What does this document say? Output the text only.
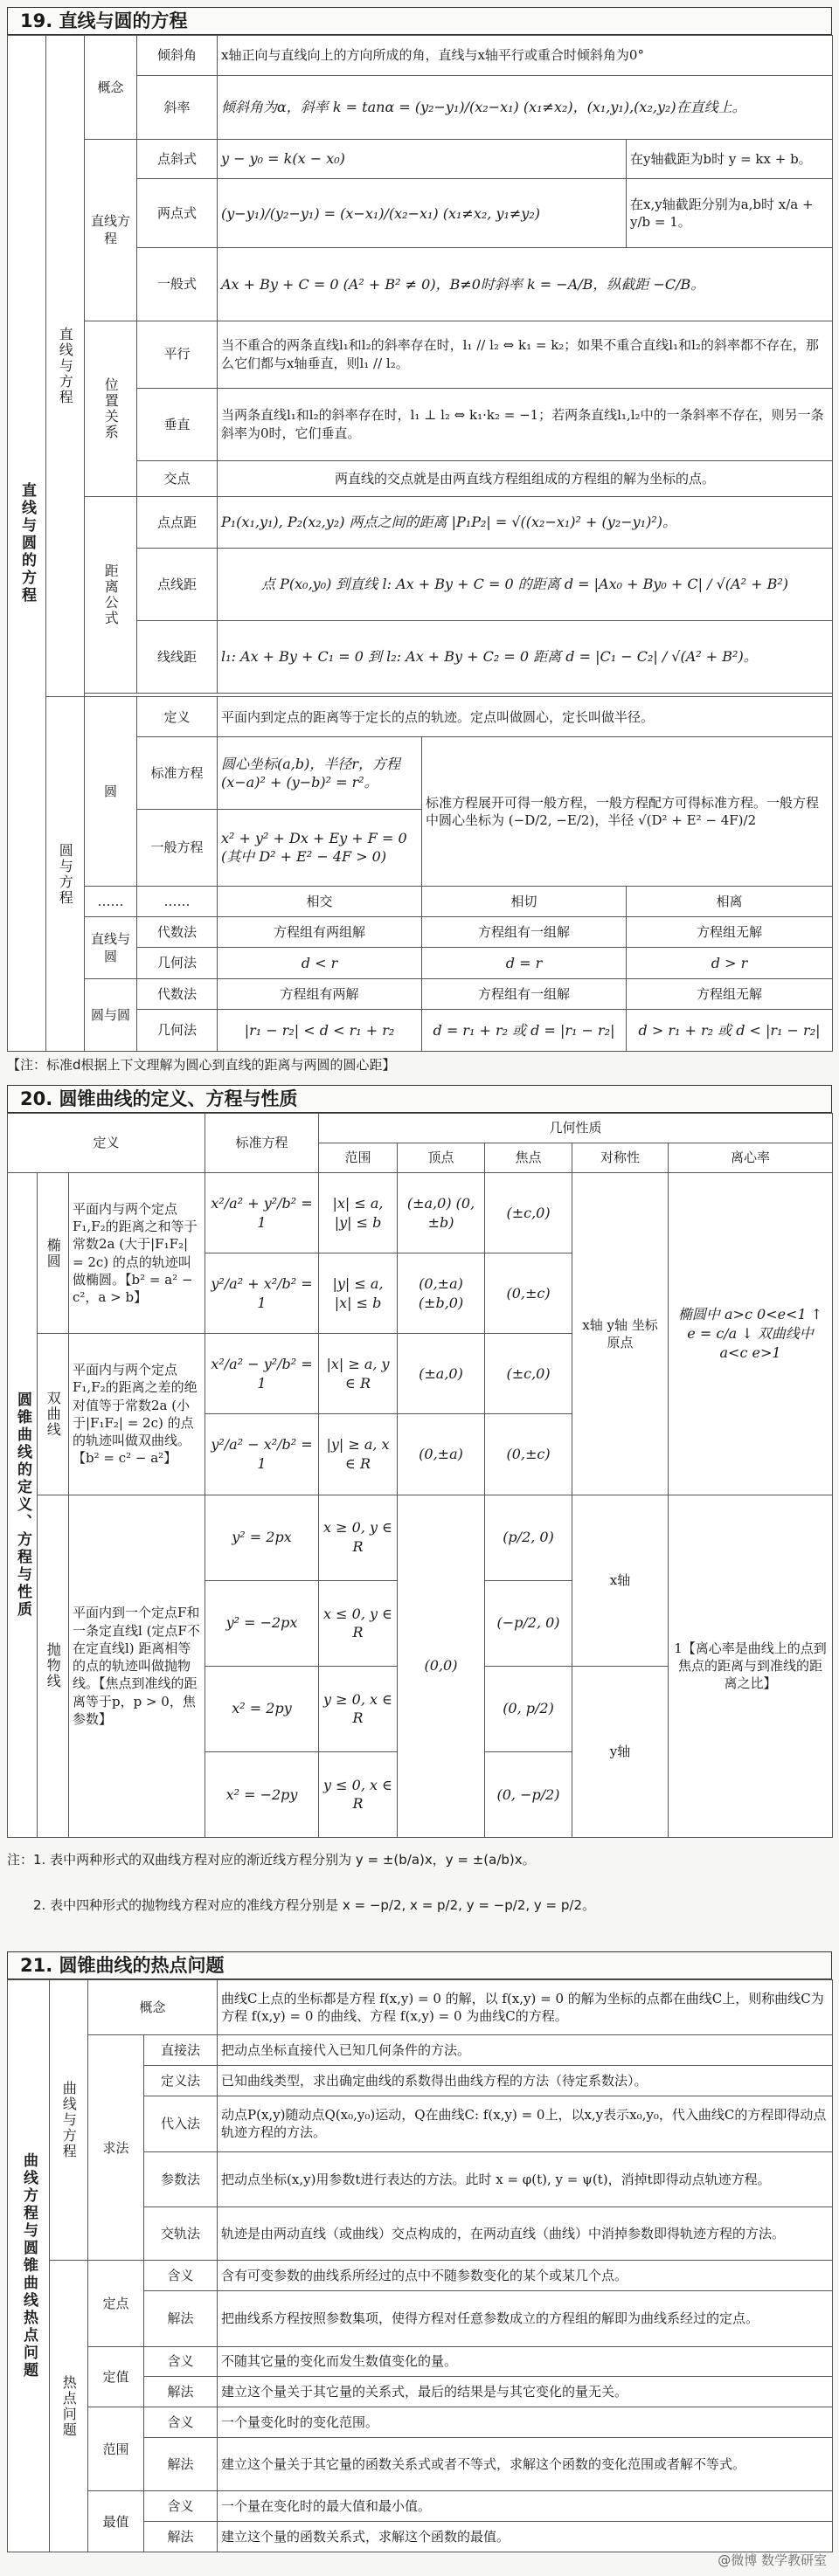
19. 直线与圆的方程
直线与圆的方程	直线与方程	概念	倾斜角	x轴正向与直线向上的方向所成的角，直线与x轴平行或重合时倾斜角为0°		
			斜率	倾斜角为α，斜率 k = tanα = (y₂−y₁)/(x₂−x₁) (x₁≠x₂)，(x₁,y₁),(x₂,y₂)在直线上。		
		直线方程	点斜式	y − y₀ = k(x − x₀)		在y轴截距为b时 y = kx + b。
			两点式	(y−y₁)/(y₂−y₁) = (x−x₁)/(x₂−x₁) (x₁≠x₂, y₁≠y₂)		在x,y轴截距分别为a,b时 x/a + y/b = 1。
			一般式	Ax + By + C = 0 (A² + B² ≠ 0)，B≠0时斜率 k = −A/B，纵截距 −C/B。		
		位置关系	平行	当不重合的两条直线l₁和l₂的斜率存在时，l₁ // l₂ ⇔ k₁ = k₂；如果不重合直线l₁和l₂的斜率都不存在，那么它们都与x轴垂直，则l₁ // l₂。		
			垂直	当两条直线l₁和l₂的斜率存在时，l₁ ⊥ l₂ ⇔ k₁·k₂ = −1；若两条直线l₁,l₂中的一条斜率不存在，则另一条斜率为0时，它们垂直。		
			交点	两直线的交点就是由两直线方程组组成的方程组的解为坐标的点。		
		距离公式	点点距	P₁(x₁,y₁), P₂(x₂,y₂) 两点之间的距离 |P₁P₂| = √((x₂−x₁)² + (y₂−y₁)²)。		
			点线距	点 P(x₀,y₀) 到直线 l: Ax + By + C = 0 的距离 d = |Ax₀ + By₀ + C| / √(A² + B²)		
			线线距	l₁: Ax + By + C₁ = 0 到 l₂: Ax + By + C₂ = 0 距离 d = |C₁ − C₂| / √(A² + B²)。		

	圆与方程	圆	定义	平面内到定点的距离等于定长的点的轨迹。定点叫做圆心，定长叫做半径。		
			标准方程	圆心坐标(a,b)，半径r，方程(x−a)² + (y−b)² = r²。	标准方程展开可得一般方程，一般方程配方可得标准方程。一般方程中圆心坐标为 (−D/2, −E/2)，半径 √(D² + E² − 4F)/2	
			一般方程	x² + y² + Dx + Ey + F = 0 (其中 D² + E² − 4F > 0)		
		……	……	相交	相切	相离
		直线与圆	代数法	方程组有两组解	方程组有一组解	方程组无解
			几何法	d < r	d = r	d > r
		圆与圆	代数法	方程组有两解	方程组有一组解	方程组无解
			几何法	|r₁ − r₂| < d < r₁ + r₂	d = r₁ + r₂ 或 d = |r₁ − r₂|	d > r₁ + r₂ 或 d < |r₁ − r₂|
【注：标准d根据上下文理解为圆心到直线的距离与两圆的圆心距】
20. 圆锥曲线的定义、方程与性质
定义			标准方程	几何性质				
				范围	顶点	焦点	对称性	离心率
圆锥曲线的定义、方程与性质	椭圆	平面内与两个定点F₁,F₂的距离之和等于常数2a (大于|F₁F₂| = 2c) 的点的轨迹叫做椭圆。【b² = a² − c²，a > b】	x²/a² + y²/b² = 1	|x| ≤ a, |y| ≤ b	(±a,0) (0,±b)	(±c,0)	x轴 y轴 坐标原点	椭圆中 a>c 0<e<1 ↑ e = c/a ↓ 双曲线中 a<c e>1
			y²/a² + x²/b² = 1	|y| ≤ a, |x| ≤ b	(0,±a) (±b,0)	(0,±c)		
	双曲线	平面内与两个定点F₁,F₂的距离之差的绝对值等于常数2a (小于|F₁F₂| = 2c) 的点的轨迹叫做双曲线。【b² = c² − a²】	x²/a² − y²/b² = 1	|x| ≥ a, y ∈ R	(±a,0)	(±c,0)		
			y²/a² − x²/b² = 1	|y| ≥ a, x ∈ R	(0,±a)	(0,±c)		
	抛物线	平面内到一个定点F和一条定直线l (定点F不在定直线l) 距离相等的点的轨迹叫做抛物线。【焦点到准线的距离等于p，p > 0，焦参数】	y² = 2px	x ≥ 0, y ∈ R	(0,0)	(p/2, 0)	x轴	1【离心率是曲线上的点到焦点的距离与到准线的距离之比】
			y² = −2px	x ≤ 0, y ∈ R		(−p/2, 0)		
			x² = 2py	y ≥ 0, x ∈ R		(0, p/2)	y轴	
			x² = −2py	y ≤ 0, x ∈ R		(0, −p/2)		
注：1. 表中两种形式的双曲线方程对应的渐近线方程分别为 y = ±(b/a)x，y = ±(a/b)x。
2. 表中四种形式的抛物线方程对应的准线方程分别是 x = −p/2, x = p/2, y = −p/2, y = p/2。
21. 圆锥曲线的热点问题
曲线方程与圆锥曲线热点问题	曲线与方程	概念		曲线C上点的坐标都是方程 f(x,y) = 0 的解，以 f(x,y) = 0 的解为坐标的点都在曲线C上，则称曲线C为方程 f(x,y) = 0 的曲线、方程 f(x,y) = 0 为曲线C的方程。
		求法	直接法	把动点坐标直接代入已知几何条件的方法。
			定义法	已知曲线类型，求出确定曲线的系数得出曲线方程的方法（待定系数法）。
			代入法	动点P(x,y)随动点Q(x₀,y₀)运动，Q在曲线C: f(x,y) = 0上，以x,y表示x₀,y₀，代入曲线C的方程即得动点轨迹方程的方法。
			参数法	把动点坐标(x,y)用参数t进行表达的方法。此时 x = φ(t), y = ψ(t)，消掉t即得动点轨迹方程。
			交轨法	轨迹是由两动直线（或曲线）交点构成的，在两动直线（曲线）中消掉参数即得轨迹方程的方法。
	热点问题	定点	含义	含有可变参数的曲线系所经过的点中不随参数变化的某个或某几个点。
			解法	把曲线系方程按照参数集项，使得方程对任意参数成立的方程组的解即为曲线系经过的定点。
		定值	含义	不随其它量的变化而发生数值变化的量。
			解法	建立这个量关于其它量的关系式，最后的结果是与其它变化的量无关。
		范围	含义	一个量变化时的变化范围。
			解法	建立这个量关于其它量的函数关系式或者不等式，求解这个函数的变化范围或者解不等式。
		最值	含义	一个量在变化时的最大值和最小值。
			解法	建立这个量的函数关系式，求解这个函数的最值。
@微博 数学教研室
